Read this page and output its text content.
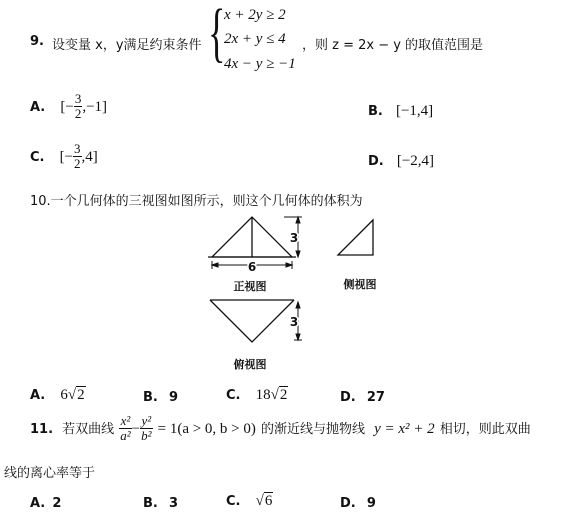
9. 设变量 x，y满足约束条件 {
x + 2y ≥ 2
2x + y ≤ 4
4x − y ≥ −1
，则 z = 2x − y 的取值范围是
A. [− $\frac{3}{2} ,-1$]	B. [−1,4]
C. [− $\frac{3}{2} ,4$]	D. [−2,4]
10.一个几何体的三视图如图所示，则这个几何体的体积为
6
3
3
正视图	侧视图
俯视图
A. 6√2	B. 9	C. 18√2	D. 27
11. 若双曲线 $\frac{\text{x²}}{\text{a²}} - \frac{\text{y²}}{\text{b²}} = 1(a > 0$, b > 0) 的渐近线与抛物线 y = x² + 2 相切，则此双曲
线的离心率等于
A. 2	B. 3	C. √6	D. 9
